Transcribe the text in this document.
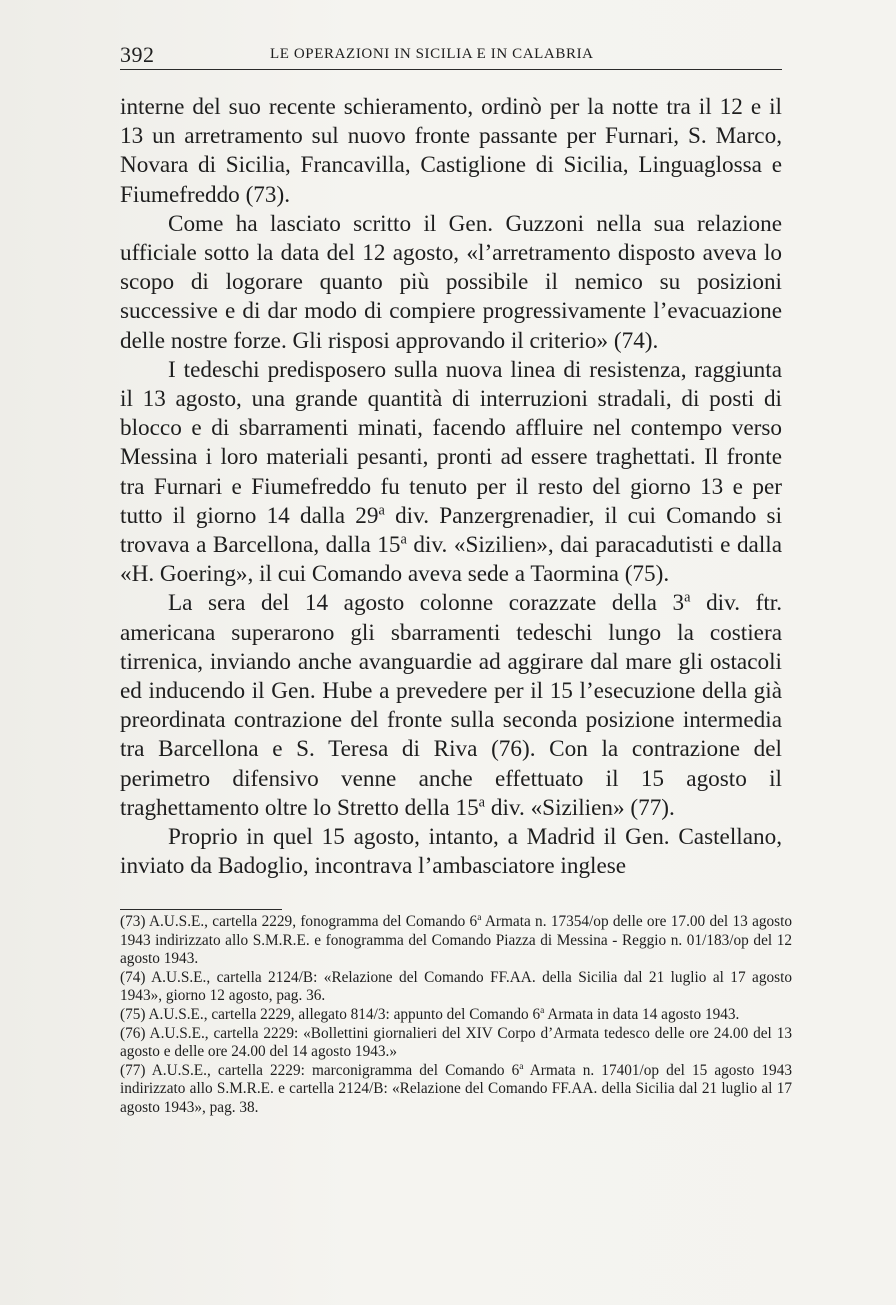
392	LE OPERAZIONI IN SICILIA E IN CALABRIA

interne del suo recente schieramento, ordinò per la notte tra il 12 e il 13 un arretramento sul nuovo fronte passante per Furnari, S. Marco, Novara di Sicilia, Francavilla, Castiglione di Sicilia, Linguaglossa e Fiumefreddo (73).

Come ha lasciato scritto il Gen. Guzzoni nella sua relazione ufficiale sotto la data del 12 agosto, «l’arretramento disposto aveva lo scopo di logorare quanto più possibile il nemico su posizioni successive e di dar modo di compiere progressivamente l’evacuazione delle nostre forze. Gli risposi approvando il criterio» (74).

I tedeschi predisposero sulla nuova linea di resistenza, raggiunta il 13 agosto, una grande quantità di interruzioni stradali, di posti di blocco e di sbarramenti minati, facendo affluire nel contempo verso Messina i loro materiali pesanti, pronti ad essere traghettati. Il fronte tra Furnari e Fiumefreddo fu tenuto per il resto del giorno 13 e per tutto il giorno 14 dalla 29$^a$ div. Panzergrenadier, il cui Comando si trovava a Barcellona, dalla 15$^a$ div. «Sizilien», dai paracadutisti e dalla «H. Goering», il cui Comando aveva sede a Taormina (75).

La sera del 14 agosto colonne corazzate della 3$^a$ div. ftr. americana superarono gli sbarramenti tedeschi lungo la costiera tirrenica, inviando anche avanguardie ad aggirare dal mare gli ostacoli ed inducendo il Gen. Hube a prevedere per il 15 l’esecuzione della già preordinata contrazione del fronte sulla seconda posizione intermedia tra Barcellona e S. Teresa di Riva (76). Con la contrazione del perimetro difensivo venne anche effettuato il 15 agosto il traghettamento oltre lo Stretto della 15$^a$ div. «Sizilien» (77).

Proprio in quel 15 agosto, intanto, a Madrid il Gen. Castellano, inviato da Badoglio, incontrava l’ambasciatore inglese

(73) A.U.S.E., cartella 2229, fonogramma del Comando 6$^a$ Armata n. 17354/op delle ore 17.00 del 13 agosto 1943 indirizzato allo S.M.R.E. e fonogramma del Comando Piazza di Messina - Reggio n. 01/183/op del 12 agosto 1943.

(74) A.U.S.E., cartella 2124/B: «Relazione del Comando FF.AA. della Sicilia dal 21 luglio al 17 agosto 1943», giorno 12 agosto, pag. 36.

(75) A.U.S.E., cartella 2229, allegato 814/3: appunto del Comando 6$^a$ Armata in data 14 agosto 1943.

(76) A.U.S.E., cartella 2229: «Bollettini giornalieri del XIV Corpo d’Armata tedesco delle ore 24.00 del 13 agosto e delle ore 24.00 del 14 agosto 1943.»

(77) A.U.S.E., cartella 2229: marconigramma del Comando 6$^a$ Armata n. 17401/op del 15 agosto 1943 indirizzato allo S.M.R.E. e cartella 2124/B: «Relazione del Comando FF.AA. della Sicilia dal 21 luglio al 17 agosto 1943», pag. 38.
